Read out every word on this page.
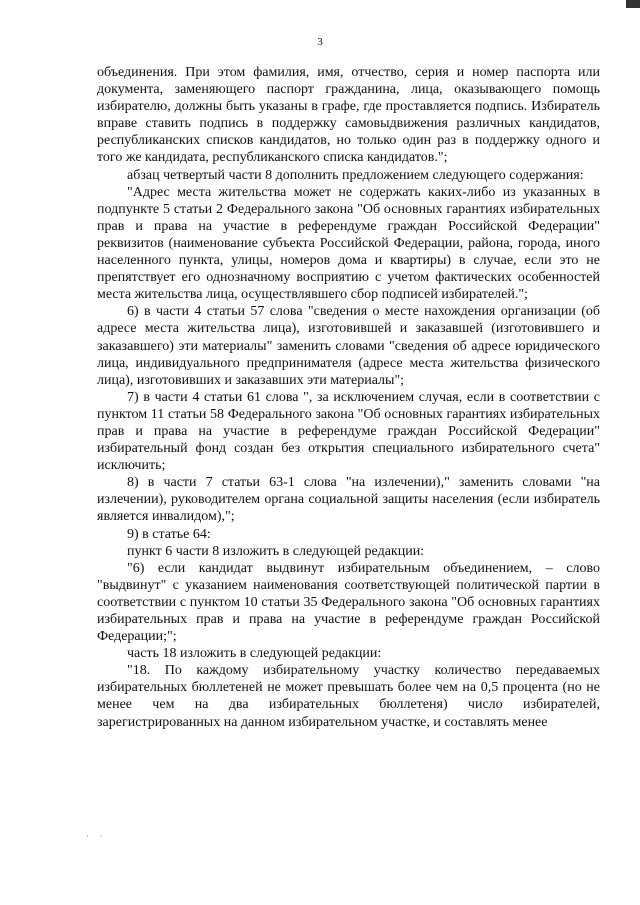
3

объединения. При этом фамилия, имя, отчество, серия и номер паспорта или документа, заменяющего паспорт гражданина, лица, оказывающего помощь избирателю, должны быть указаны в графе, где проставляется подпись. Избиратель вправе ставить подпись в поддержку самовыдвижения различных кандидатов, республиканских списков кандидатов, но только один раз в поддержку одного и того же кандидата, республиканского списка кандидатов.";

абзац четвертый части 8 дополнить предложением следующего содержания:

"Адрес места жительства может не содержать каких-либо из указанных в подпункте 5 статьи 2 Федерального закона "Об основных гарантиях избирательных прав и права на участие в референдуме граждан Российской Федерации" реквизитов (наименование субъекта Российской Федерации, района, города, иного населенного пункта, улицы, номеров дома и квартиры) в случае, если это не препятствует его однозначному восприятию с учетом фактических особенностей места жительства лица, осуществлявшего сбор подписей избирателей.";

6) в части 4 статьи 57 слова "сведения о месте нахождения организации (об адресе места жительства лица), изготовившей и заказавшей (изготовившего и заказавшего) эти материалы" заменить словами "сведения об адресе юридического лица, индивидуального предпринимателя (адресе места жительства физического лица), изготовивших и заказавших эти материалы";

7) в части 4 статьи 61 слова ", за исключением случая, если в соответствии с пунктом 11 статьи 58 Федерального закона "Об основных гарантиях избирательных прав и права на участие в референдуме граждан Российской Федерации" избирательный фонд создан без открытия специального избирательного счета" исключить;

8) в части 7 статьи 63-1 слова "на излечении)," заменить словами "на излечении), руководителем органа социальной защиты населения (если избиратель является инвалидом),";

9) в статье 64:

пункт 6 части 8 изложить в следующей редакции:

"6) если кандидат выдвинут избирательным объединением, – слово "выдвинут" с указанием наименования соответствующей политической партии в соответствии с пунктом 10 статьи 35 Федерального закона "Об основных гарантиях избирательных прав и права на участие в референдуме граждан Российской Федерации;";

часть 18 изложить в следующей редакции:

"18. По каждому избирательному участку количество передаваемых избирательных бюллетеней не может превышать более чем на 0,5 процента (но не менее чем на два избирательных бюллетеня) число избирателей, зарегистрированных на данном избирательном участке, и составлять менее

· ·
